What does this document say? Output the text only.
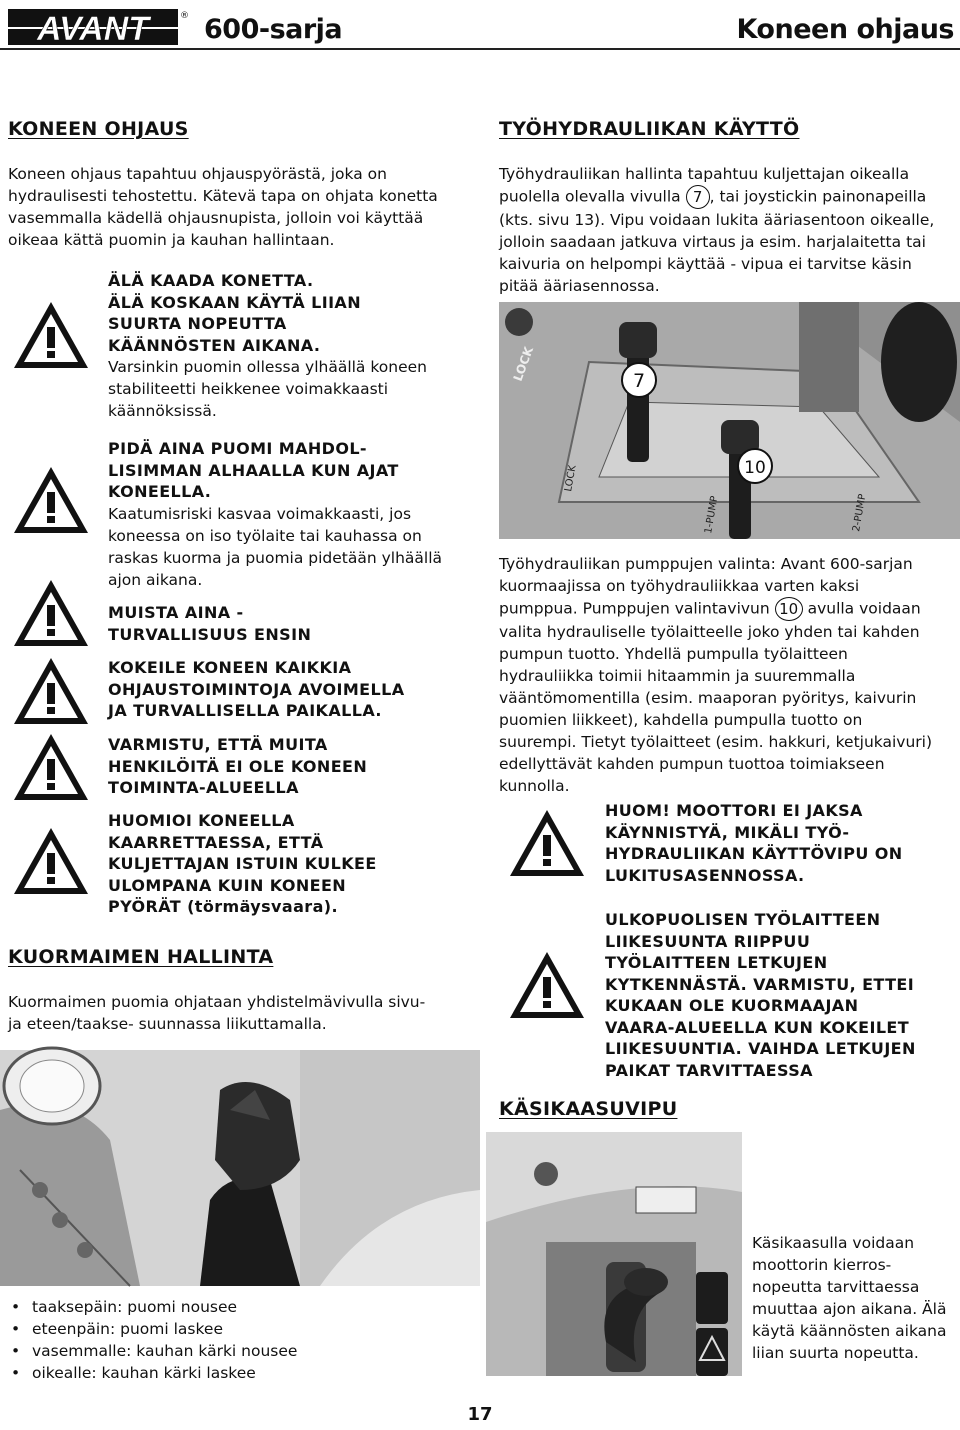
AVANT	® 600-sarja	Koneen ohjaus
KONEEN OHJAUS
Koneen ohjaus tapahtuu ohjauspyörästä, joka on
hydraulisesti tehostettu. Kätevä tapa on ohjata konetta
vasemmalla kädellä ohjausnupista, jolloin voi käyttää
oikeaa kättä puomin ja kauhan hallintaan.
ÄLÄ KAADA KONETTA.
ÄLÄ KOSKAAN KÄYTÄ LIIAN
SUURTA NOPEUTTA
KÄÄNNÖSTEN AIKANA.
Varsinkin puomin ollessa ylhäällä koneen
stabiliteetti heikkenee voimakkaasti
käännöksissä.
PIDÄ AINA PUOMI MAHDOL-
LISIMMAN ALHAALLA KUN AJAT
KONEELLA.
Kaatumisriski kasvaa voimakkaasti, jos
koneessa on iso työlaite tai kauhassa on
raskas kuorma ja puomia pidetään ylhäällä
ajon aikana.
MUISTA AINA -
TURVALLISUUS ENSIN
KOKEILE KONEEN KAIKKIA
OHJAUSTOIMINTOJA AVOIMELLA
JA TURVALLISELLA PAIKALLA.
VARMISTU, ETTÄ MUITA
HENKILÖITÄ EI OLE KONEEN
TOIMINTA-ALUEELLA
HUOMIOI KONEELLA
KAARRETTAESSA, ETTÄ
KULJETTAJAN ISTUIN KULKEE
ULOMPANA KUIN KONEEN
PYÖRÄT (törmäysvaara).
KUORMAIMEN HALLINTA
Kuormaimen puomia ohjataan yhdistelmävivulla sivu-
ja eteen/taakse- suunnassa liikuttamalla.
• taaksepäin: puomi nousee
• eteenpäin: puomi laskee
• vasemmalle: kauhan kärki nousee
• oikealle: kauhan kärki laskee
TYÖHYDRAULIIKAN KÄYTTÖ
Työhydrauliikan hallinta tapahtuu kuljettajan oikealla
puolella olevalla vivulla 7 , tai joystickin painonapeilla
(kts. sivu 13). Vipu voidaan lukita ääriasentoon oikealle,
jolloin saadaan jatkuva virtaus ja esim. harjalaitetta tai
kaivuria on helpompi käyttää - vipua ei tarvitse käsin
pitää ääriasennossa.
LOCK
LOCK
1-PUMP	2-PUMP
7
10
Työhydrauliikan pumppujen valinta: Avant 600-sarjan
kuormaajissa on työhydrauliikkaa varten kaksi
pumppua. Pumppujen valintavivun 10 avulla voidaan
valita hydrauliselle työlaitteelle joko yhden tai kahden
pumpun tuotto. Yhdellä pumpulla työlaitteen
hydrauliikka toimii hitaammin ja suuremmalla
vääntömomentilla (esim. maaporan pyöritys, kaivurin
puomien liikkeet), kahdella pumpulla tuotto on
suurempi. Tietyt työlaitteet (esim. hakkuri, ketjukaivuri)
edellyttävät kahden pumpun tuottoa toimiakseen
kunnolla.
HUOM! MOOTTORI EI JAKSA
KÄYNNISTYÄ, MIKÄLI TYÖ-
HYDRAULIIKAN KÄYTTÖVIPU ON
LUKITUSASENNOSSA.
ULKOPUOLISEN TYÖLAITTEEN
LIIKESUUNTA RIIPPUU
TYÖLAITTEEN LETKUJEN
KYTKENNÄSTÄ. VARMISTU, ETTEI
KUKAAN OLE KUORMAAJAN
VAARA-ALUEELLA KUN KOKEILET
LIIKESUUNTIA. VAIHDA LETKUJEN
PAIKAT TARVITTAESSA
KÄSIKAASUVIPU
Käsikaasulla voidaan
moottorin kierros-
nopeutta tarvittaessa
muuttaa ajon aikana. Älä
käytä käännösten aikana
liian suurta nopeutta.
17
